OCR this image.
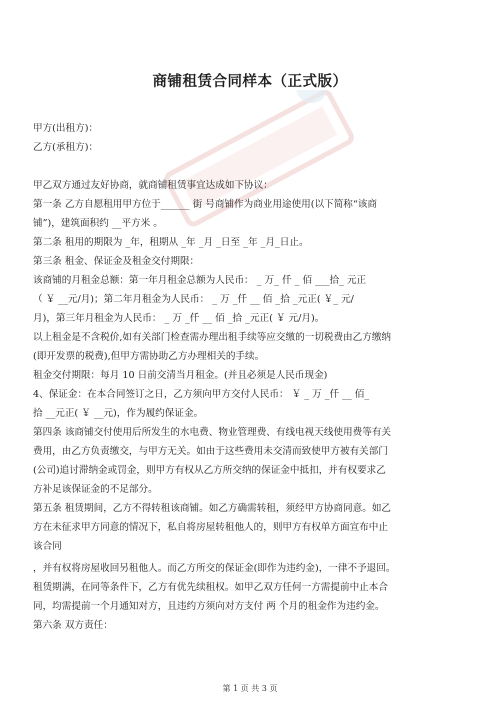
商铺租赁合同样本（正式版）
甲方(出租方)：
乙方(承租方)：
甲乙双方通过友好协商，就商铺租赁事宜达成如下协议：
第一条 乙方自愿租用甲方位于______ 街 号商铺作为商业用途使用(以下简称“该商
铺”)，建筑面积约 __平方米 。
第二条 租用的期限为 _年，租期从 _年 _月 _日至 _年 _月_日止。
第三条 租金、保证金及租金交付期限：
该商铺的月租金总额：第一年月租金总额为人民币： _ 万_ 仟 _ 佰 ___拾_ 元正
（ ￥ __元/月)；第二年月租金为人民币： _ 万 _仟 __ 佰 _拾 _元正( ￥_ 元/
月)，第三年月租金为人民币： _ 万 _仟 __ 佰 _拾 _元正( ￥ 元/月)。
以上租金是不含税价,如有关部门检查需办理出租手续等应交缴的一切税费由乙方缴纳
(即开发票的税费),但甲方需协助乙方办理相关的手续。
租金交付期限：每月 10 日前交清当月租金。(并且必须是人民币现金)
4、保证金：在本合同签订之日，乙方须向甲方交付人民币： ￥ _ 万 _仟 __ 佰_
拾 __元正( ￥ __元)，作为履约保证金。
第四条 该商铺交付使用后所发生的水电费、物业管理费、有线电视天线使用费等有关
费用，由乙方负责缴交，与甲方无关。如由于这些费用未交清而致使甲方被有关部门
(公司)追讨滞纳金或罚金，则甲方有权从乙方所交纳的保证金中抵扣，并有权要求乙
方补足该保证金的不足部分。
第五条 租赁期间，乙方不得转租该商铺。如乙方确需转租，须经甲方协商同意。如乙
方在未征求甲方同意的情况下，私自将房屋转租他人的，则甲方有权单方面宣布中止
该合同
，并有权将房屋收回另租他人。而乙方所交的保证金(即作为违约金)，一律不予退回。
租赁期满，在同等条件下，乙方有优先续租权。如甲乙双方任何一方需提前中止本合
同，均需提前一个月通知对方，且违约方须向对方支付 两 个月的租金作为违约金。
第六条 双方责任：
第 1 页 共 3 页
